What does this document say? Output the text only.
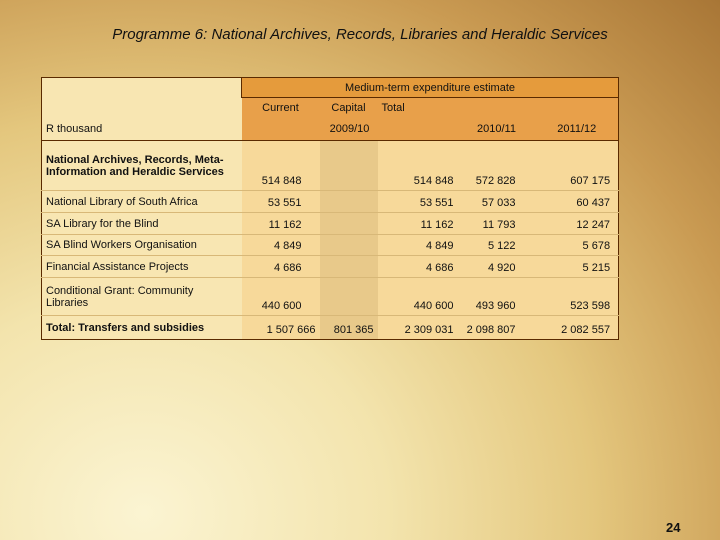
Programme 6: National Archives, Records, Libraries and Heraldic Services
	Medium-term expenditure estimate				
	Current	Capital	Total		
R thousand	2009/10			2010/11	2011/12
National Archives, Records, Meta-Information and Heraldic Services	514 848		514 848	572 828	607 175
National Library of South Africa	53 551		53 551	57 033	60 437
SA Library for the Blind	11 162		11 162	11 793	12 247
SA Blind Workers Organisation	4 849		4 849	5 122	5 678
Financial Assistance Projects	4 686		4 686	4 920	5 215
Conditional Grant: Community Libraries	440 600		440 600	493 960	523 598
Total: Transfers and subsidies	1 507 666	801 365	2 309 031	2 098 807	2 082 557
24
